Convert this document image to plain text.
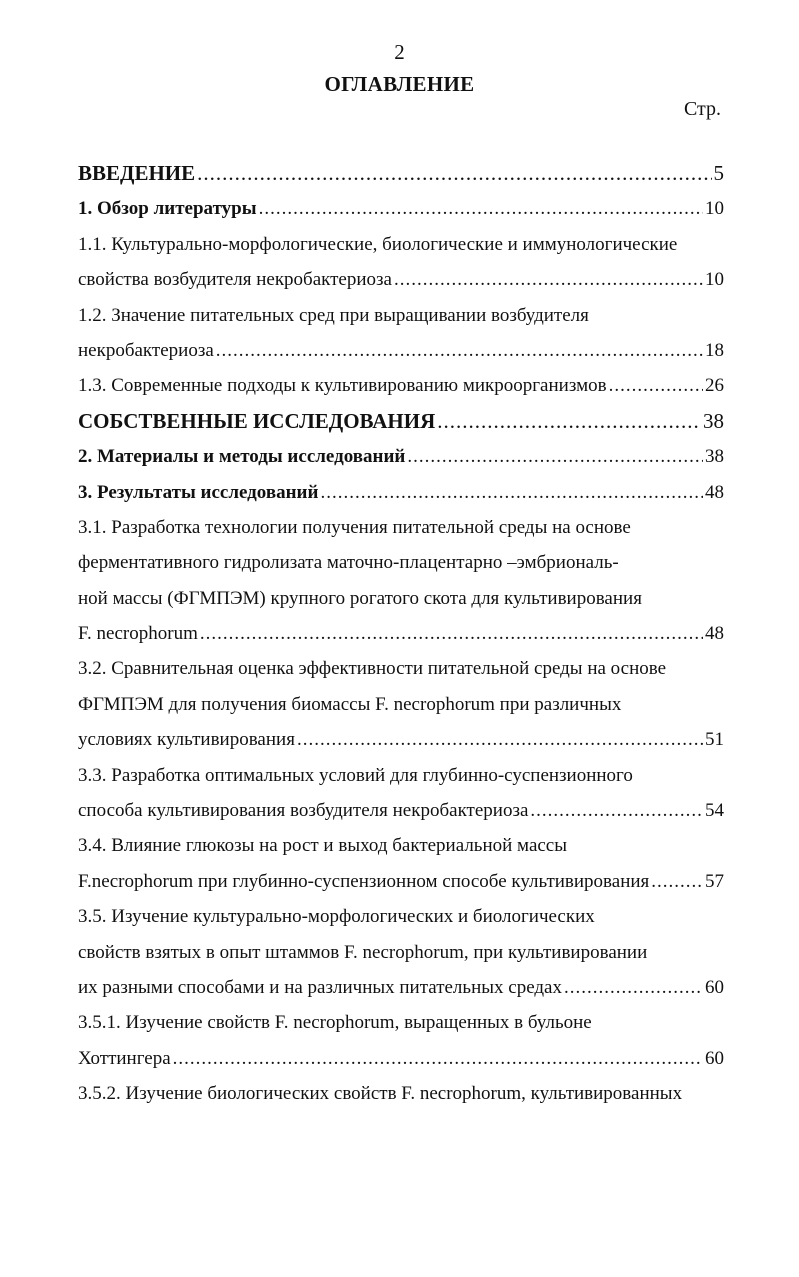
2
ОГЛАВЛЕНИЕ
Стр.
ВВЕДЕНИЕ .....	5
1. Обзор литературы .....	10
1.1. Культурально-морфологические, биологические и иммунологические
свойства возбудителя некробактериоза .....	10
1.2. Значение питательных сред при выращивании возбудителя
некробактериоза .....	18
1.3. Современные подходы к культивированию микроорганизмов .....	26
СОБСТВЕННЫЕ ИССЛЕДОВАНИЯ .....	38
2. Материалы и методы исследований .....	38
3. Результаты исследований .....	48
3.1. Разработка технологии получения питательной среды на основе
ферментативного гидролизата маточно-плацентарно –эмбриональ-
ной массы (ФГМПЭМ) крупного рогатого скота для культивирования
F. necrophorum .....	48
3.2. Сравнительная оценка эффективности питательной среды на основе
ФГМПЭМ для получения биомассы F. necrophorum при различных
условиях культивирования .....	51
3.3. Разработка оптимальных условий для глубинно-суспензионного
способа культивирования возбудителя некробактериоза .....	54
3.4. Влияние глюкозы на рост и выход бактериальной массы
F.necrophorum при глубинно-суспензионном способе культивирования .....	57
3.5. Изучение культурально-морфологических и биологических
свойств взятых в опыт штаммов F. necrophorum, при культивировании
их разными способами и на различных питательных средах .....	60
3.5.1. Изучение свойств F. necrophorum, выращенных в бульоне
Хоттингера .....	60
3.5.2. Изучение биологических свойств F. necrophorum, культивированных
